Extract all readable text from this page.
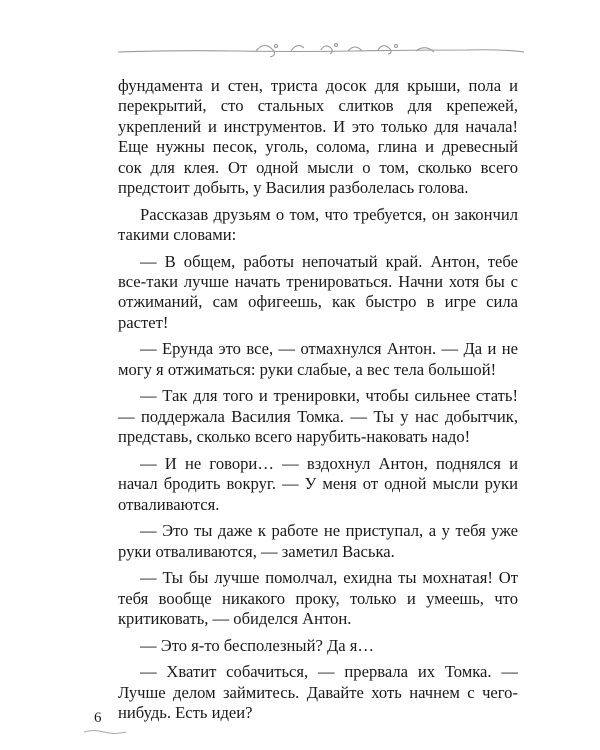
фундамента и стен, триста досок для крыши, пола и перекрытий, сто стальных слитков для крепежей, укреплений и инструментов. И это только для начала! Еще нужны песок, уголь, солома, глина и древесный сок для клея. От одной мысли о том, сколько всего предстоит добыть, у Василия разболелась голова.

Рассказав друзьям о том, что требуется, он закончил такими словами:

— В общем, работы непочатый край. Антон, тебе все-таки лучше начать тренироваться. Начни хотя бы с отжиманий, сам офигеешь, как быстро в игре сила растет!

— Ерунда это все, — отмахнулся Антон. — Да и не могу я отжиматься: руки слабые, а вес тела большой!

— Так для того и тренировки, чтобы сильнее стать! — поддержала Василия Томка. — Ты у нас добытчик, представь, сколько всего нарубить-наковать надо!

— И не говори… — вздохнул Антон, поднялся и начал бродить вокруг. — У меня от одной мысли руки отваливаются.

— Это ты даже к работе не приступал, а у тебя уже руки отваливаются, — заметил Васька.

— Ты бы лучше помолчал, ехидна ты мохнатая! От тебя вообще никакого проку, только и умеешь, что критиковать, — обиделся Антон.

— Это я-то бесполезный? Да я…

— Хватит собачиться, — прервала их Томка. — Лучше делом займитесь. Давайте хоть начнем с чего-нибудь. Есть идеи?

6
